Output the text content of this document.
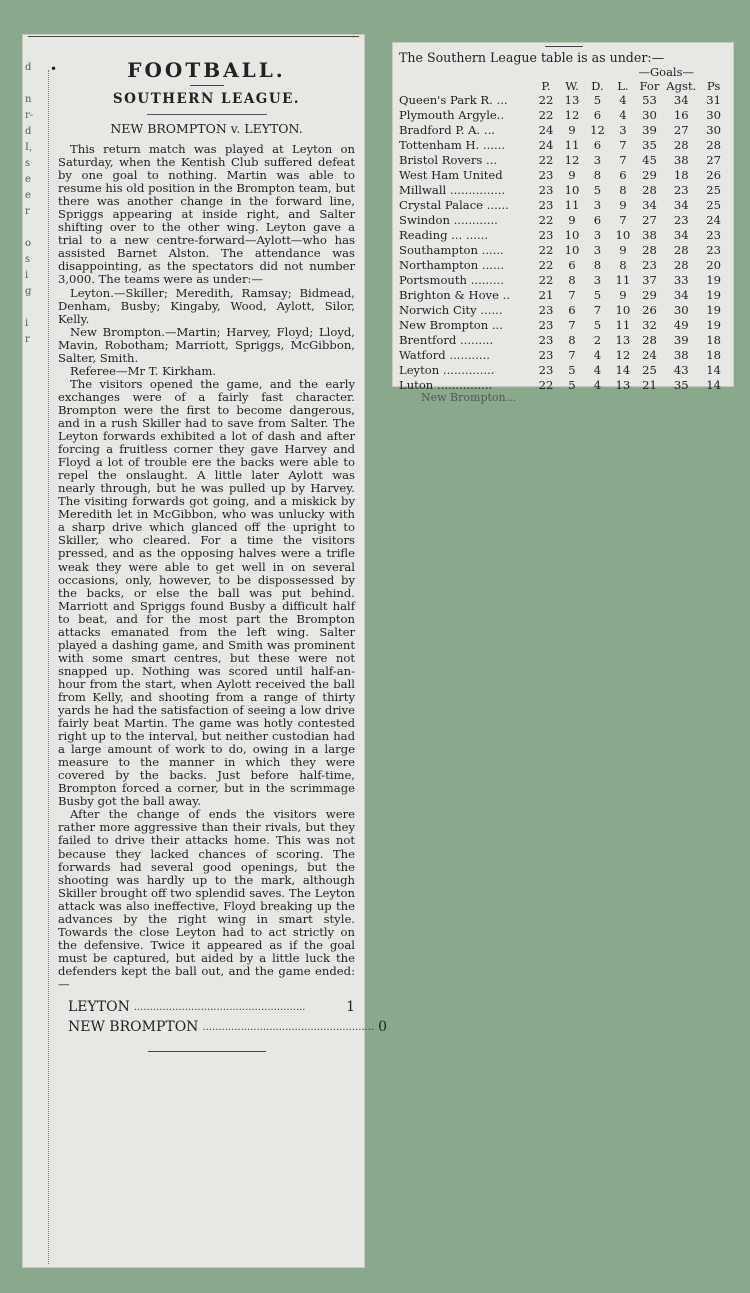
d

n
r-
d
I,
s
e
e
r

o
s
i
g

i
r
•	FOOTBALL.
SOUTHERN LEAGUE.
NEW BROMPTON v. LEYTON.

This return match was played at Leyton on Saturday, when the Kentish Club suffered defeat by one goal to nothing. Martin was able to resume his old position in the Brompton team, but there was another change in the forward line, Spriggs appearing at inside right, and Salter shifting over to the other wing. Leyton gave a trial to a new centre-forward—Aylott—who has assisted Barnet Alston. The attendance was disappointing, as the spectators did not number 3,000. The teams were as under:—

Leyton.—Skiller; Meredith, Ramsay; Bidmead, Denham, Busby; Kingaby, Wood, Aylott, Silor, Kelly.

New Brompton.—Martin; Harvey, Floyd; Lloyd, Mavin, Robotham; Marriott, Spriggs, McGibbon, Salter, Smith.

Referee—Mr T. Kirkham.

The visitors opened the game, and the early exchanges were of a fairly fast character. Brompton were the first to become dangerous, and in a rush Skiller had to save from Salter. The Leyton forwards exhibited a lot of dash and after forcing a fruitless corner they gave Harvey and Floyd a lot of trouble ere the backs were able to repel the onslaught. A little later Aylott was nearly through, but he was pulled up by Harvey. The visiting forwards got going, and a miskick by Meredith let in McGibbon, who was unlucky with a sharp drive which glanced off the upright to Skiller, who cleared. For a time the visitors pressed, and as the opposing halves were a trifle weak they were able to get well in on several occasions, only, however, to be dispossessed by the backs, or else the ball was put behind. Marriott and Spriggs found Busby a difficult half to beat, and for the most part the Brompton attacks emanated from the left wing. Salter played a dashing game, and Smith was prominent with some smart centres, but these were not snapped up. Nothing was scored until half-an-hour from the start, when Aylott received the ball from Kelly, and shooting from a range of thirty yards he had the satisfaction of seeing a low drive fairly beat Martin. The game was hotly contested right up to the interval, but neither custodian had a large amount of work to do, owing in a large measure to the manner in which they were covered by the backs. Just before half-time, Brompton forced a corner, but in the scrimmage Busby got the ball away.

After the change of ends the visitors were rather more aggressive than their rivals, but they failed to drive their attacks home. This was not because they lacked chances of scoring. The forwards had several good openings, but the shooting was hardly up to the mark, although Skiller brought off two splendid saves. The Leyton attack was also ineffective, Floyd breaking up the advances by the right wing in smart style. Towards the close Leyton had to act strictly on the defensive. Twice it appeared as if the goal must be captured, but aided by a little luck the defenders kept the ball out, and the game ended:—

LEYTON ......................................................	1
NEW BROMPTON ...................................................... 0
The Southern League table is as under:—
—Goals—
	P.	W.	D.	L.	For	Agst.	Ps
Queen's Park R. ...	22	13	5	4	53	34	31
Plymouth Argyle..	22	12	6	4	30	16	30
Bradford P. A. ...	24	9	12	3	39	27	30
Tottenham H. ......	24	11	6	7	35	28	28
Bristol Rovers ...	22	12	3	7	45	38	27
West Ham United	23	9	8	6	29	18	26
Millwall ...............	23	10	5	8	28	23	25
Crystal Palace ......	23	11	3	9	34	34	25
Swindon ............	22	9	6	7	27	23	24
Reading ... ......	23	10	3	10	38	34	23
Southampton ......	22	10	3	9	28	28	23
Northampton ......	22	6	8	8	23	28	20
Portsmouth .........	22	8	3	11	37	33	19
Brighton & Hove ..	21	7	5	9	29	34	19
Norwich City ......	23	6	7	10	26	30	19
New Brompton ...	23	7	5	11	32	49	19
Brentford .........	23	8	2	13	28	39	18
Watford ...........	23	7	4	12	24	38	18
Leyton ..............	23	5	4	14	25	43	14
Luton ...............	22	5	4	13	21	35	14
New Brompton...
